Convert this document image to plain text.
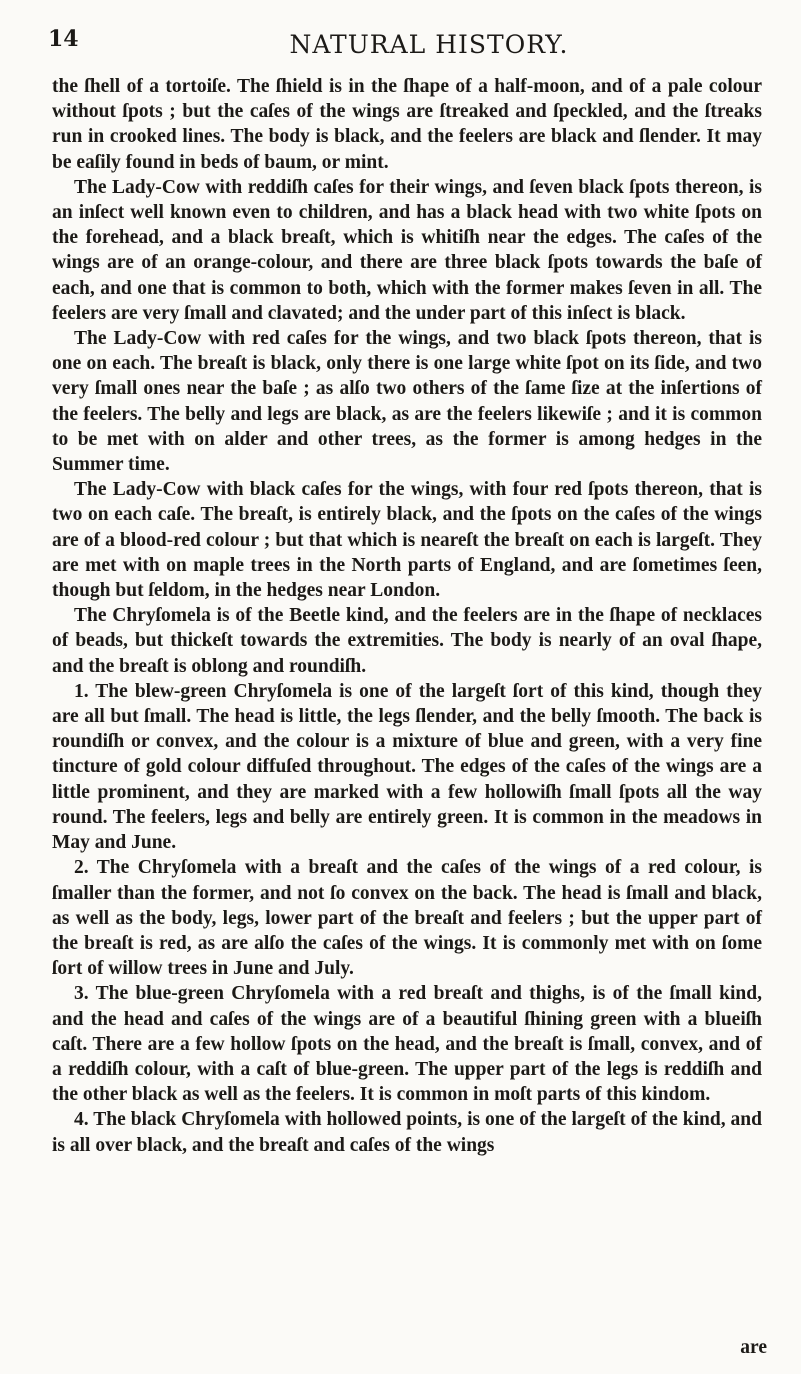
14	NATURAL HISTORY.

the ſhell of a tortoiſe. The ſhield is in the ſhape of a half-moon, and of a pale colour without ſpots ; but the caſes of the wings are ſtreaked and ſpeckled, and the ſtreaks run in crooked lines. The body is black, and the feelers are black and ſlender. It may be eaſily found in beds of baum, or mint.

The Lady-Cow with reddiſh caſes for their wings, and ſeven black ſpots thereon, is an inſect well known even to children, and has a black head with two white ſpots on the forehead, and a black breaſt, which is whitiſh near the edges. The caſes of the wings are of an orange-colour, and there are three black ſpots towards the baſe of each, and one that is common to both, which with the former makes ſeven in all. The feelers are very ſmall and clavated; and the under part of this inſect is black.

The Lady-Cow with red caſes for the wings, and two black ſpots thereon, that is one on each. The breaſt is black, only there is one large white ſpot on its ſide, and two very ſmall ones near the baſe ; as alſo two others of the ſame ſize at the inſertions of the feelers. The belly and legs are black, as are the feelers likewiſe ; and it is common to be met with on alder and other trees, as the former is among hedges in the Summer time.

The Lady-Cow with black caſes for the wings, with four red ſpots thereon, that is two on each caſe. The breaſt, is entirely black, and the ſpots on the caſes of the wings are of a blood-red colour ; but that which is neareſt the breaſt on each is largeſt. They are met with on maple trees in the North parts of England, and are ſometimes ſeen, though but ſeldom, in the hedges near London.

The Chryſomela is of the Beetle kind, and the feelers are in the ſhape of necklaces of beads, but thickeſt towards the extremities. The body is nearly of an oval ſhape, and the breaſt is oblong and roundiſh.

1. The blew-green Chryſomela is one of the largeſt ſort of this kind, though they are all but ſmall. The head is little, the legs ſlender, and the belly ſmooth. The back is roundiſh or convex, and the colour is a mixture of blue and green, with a very fine tincture of gold colour diffuſed throughout. The edges of the caſes of the wings are a little prominent, and they are marked with a few hollowiſh ſmall ſpots all the way round. The feelers, legs and belly are entirely green. It is common in the meadows in May and June.

2. The Chryſomela with a breaſt and the caſes of the wings of a red colour, is ſmaller than the former, and not ſo convex on the back. The head is ſmall and black, as well as the body, legs, lower part of the breaſt and feelers ; but the upper part of the breaſt is red, as are alſo the caſes of the wings. It is commonly met with on ſome ſort of willow trees in June and July.

3. The blue-green Chryſomela with a red breaſt and thighs, is of the ſmall kind, and the head and caſes of the wings are of a beautiful ſhining green with a blueiſh caſt. There are a few hollow ſpots on the head, and the breaſt is ſmall, convex, and of a reddiſh colour, with a caſt of blue-green. The upper part of the legs is reddiſh and the other black as well as the feelers. It is common in moſt parts of this kindom.

4. The black Chryſomela with hollowed points, is one of the largeſt of the kind, and is all over black, and the breaſt and caſes of the wings

are
